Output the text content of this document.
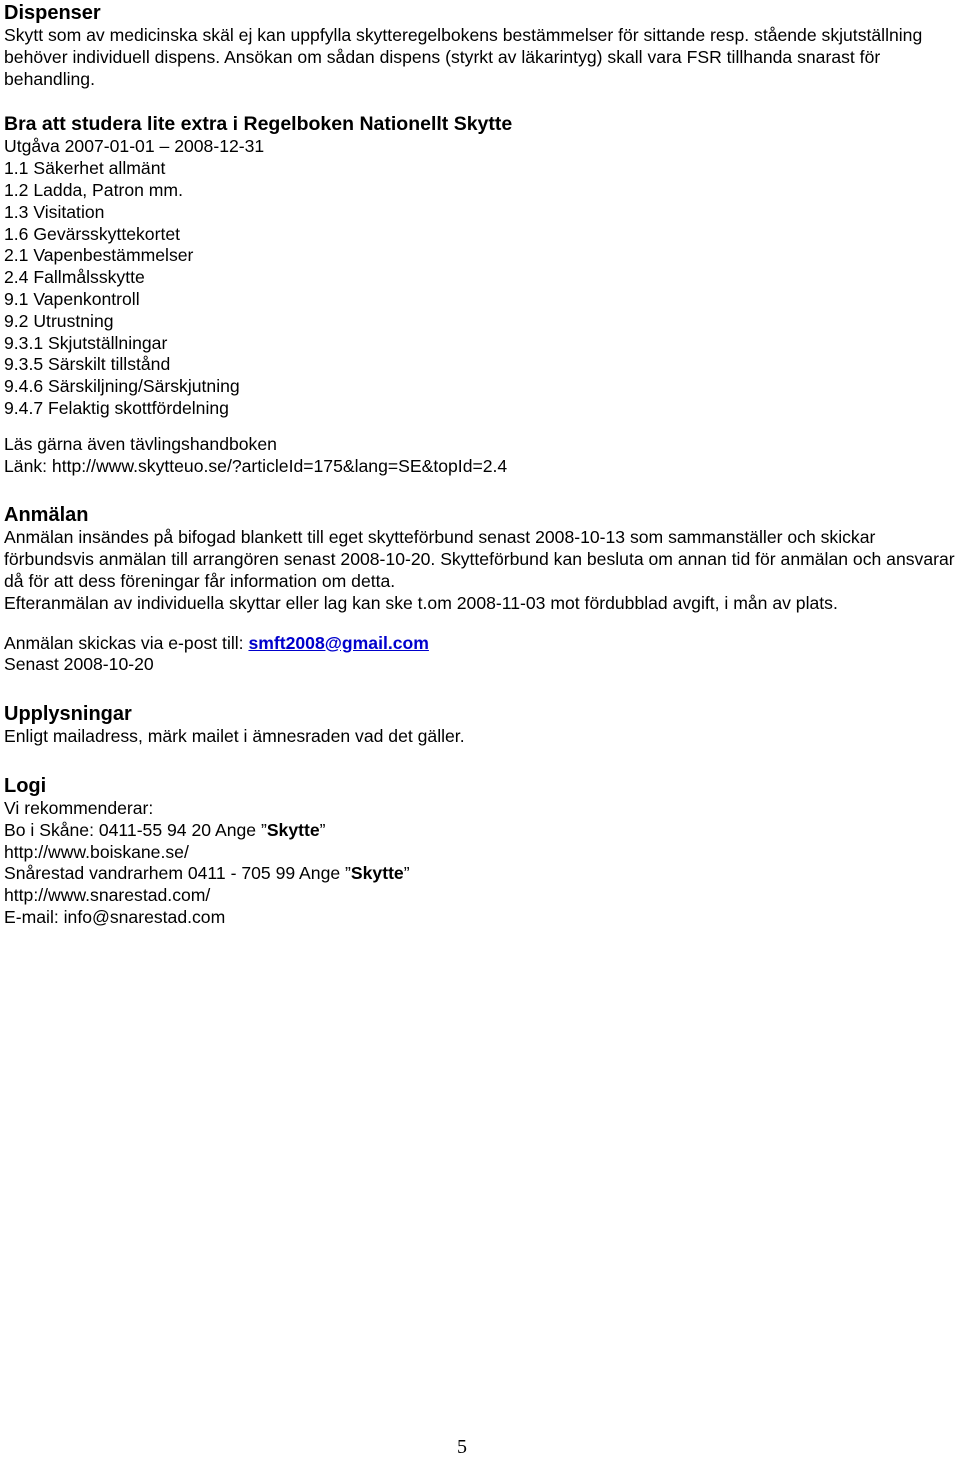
Dispenser

Skytt som av medicinska skäl ej kan uppfylla skytteregelbokens bestämmelser för sittande resp. stående skjutställning behöver individuell dispens. Ansökan om sådan dispens (styrkt av läkarintyg) skall vara FSR tillhanda snarast för behandling.

Bra att studera lite extra i Regelboken Nationellt Skytte

Utgåva 2007-01-01 – 2008-12-31

1.1 Säkerhet allmänt
1.2 Ladda, Patron mm.
1.3 Visitation
1.6 Gevärsskyttekortet
2.1 Vapenbestämmelser
2.4 Fallmålsskytte
9.1 Vapenkontroll
9.2 Utrustning
9.3.1 Skjutställningar
9.3.5 Särskilt tillstånd
9.4.6 Särskiljning/Särskjutning
9.4.7 Felaktig skottfördelning

Läs gärna även tävlingshandboken

Länk: http://www.skytteuo.se/?articleId=175&lang=SE&topId=2.4

Anmälan

Anmälan insändes på bifogad blankett till eget skytteförbund senast 2008-10-13 som sammanställer och skickar förbundsvis anmälan till arrangören senast 2008-10-20. Skytteförbund kan besluta om annan tid för anmälan och ansvarar då för att dess föreningar får information om detta.

Efteranmälan av individuella skyttar eller lag kan ske t.om 2008-11-03 mot fördubblad avgift, i mån av plats.

Anmälan skickas via e-post till: smft2008@gmail.com

Senast 2008-10-20

Upplysningar

Enligt mailadress, märk mailet i ämnesraden vad det gäller.

Logi

Vi rekommenderar:

Bo i Skåne: 0411-55 94 20 Ange ”Skytte”

http://www.boiskane.se/

Snårestad vandrarhem 0411 - 705 99 Ange ”Skytte”

http://www.snarestad.com/

E-mail: info@snarestad.com

5
